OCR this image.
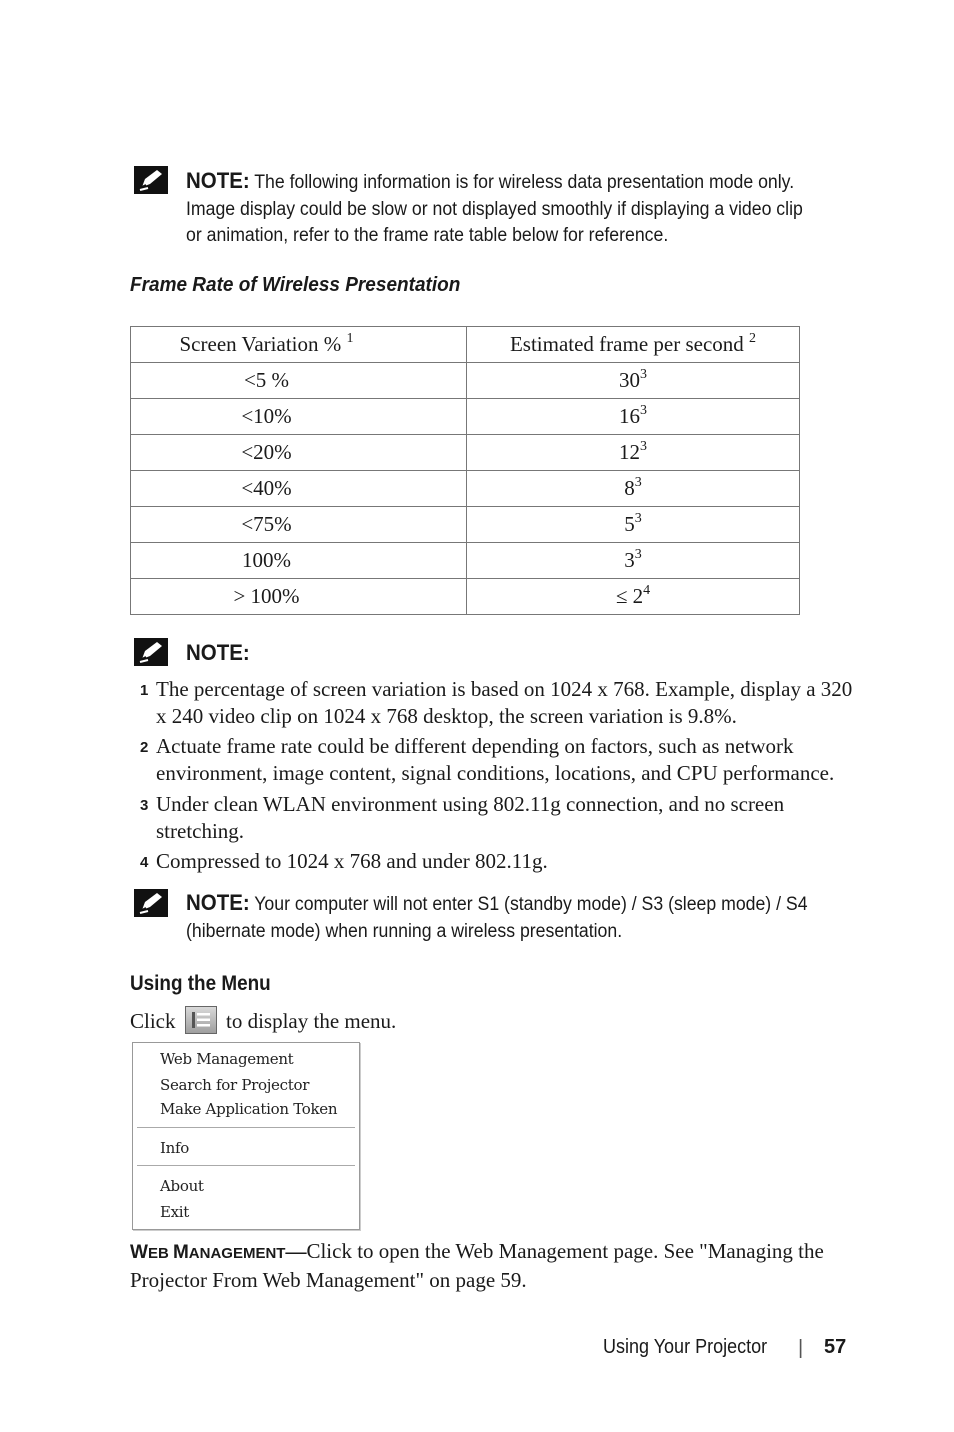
NOTE: The following information is for wireless data presentation mode only.
Image display could be slow or not displayed smoothly if displaying a video clip
or animation, refer to the frame rate table below for reference.
Frame Rate of Wireless Presentation
Screen Variation % $^1$	Estimated frame per second $^2$
<5 %	$30^3$
<10%	$16^3$
<20%	$12^3$
<40%	$8^3$
<75%	$5^3$
100%	$3^3$
> 100%	≤ $2^4$
NOTE:
1 The percentage of screen variation is based on 1024 x 768. Example, display a 320
x 240 video clip on 1024 x 768 desktop, the screen variation is 9.8%.
2 Actuate frame rate could be different depending on factors, such as network
environment, image content, signal conditions, locations, and CPU performance.
3 Under clean WLAN environment using 802.11g connection, and no screen
stretching.
4 Compressed to 1024 x 768 and under 802.11g.
NOTE: Your computer will not enter S1 (standby mode) / S3 (sleep mode) / S4
(hibernate mode) when running a wireless presentation.
Using the Menu
Click to display the menu.
Web Management
Search for Projector
Make Application Token
Info
About
Exit
WEB MANAGEMENT—Click to open the Web Management page. See "Managing the
Projector From Web Management" on page 59.
Using Your Projector | 57
